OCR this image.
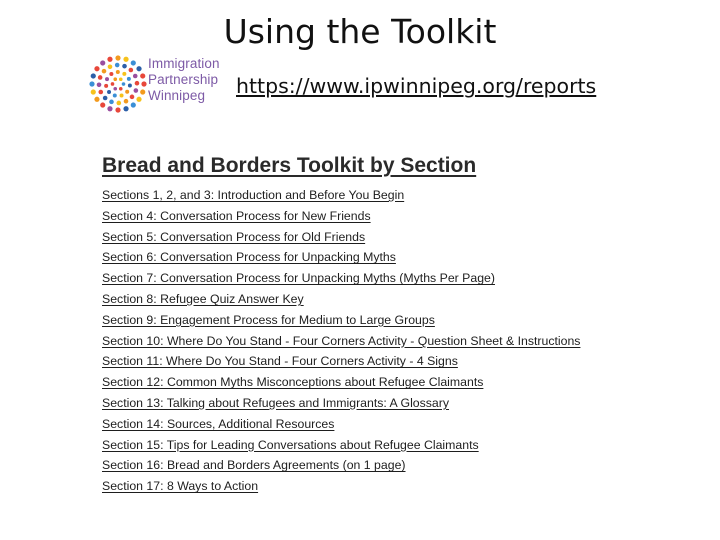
Using the Toolkit
Immigration
Partnership
Winnipeg	https://www.ipwinnipeg.org/reports
Bread and Borders Toolkit by Section
Sections 1, 2, and 3: Introduction and Before You Begin
Section 4: Conversation Process for New Friends
Section 5: Conversation Process for Old Friends
Section 6: Conversation Process for Unpacking Myths
Section 7: Conversation Process for Unpacking Myths (Myths Per Page)
Section 8: Refugee Quiz Answer Key
Section 9: Engagement Process for Medium to Large Groups
Section 10: Where Do You Stand - Four Corners Activity - Question Sheet & Instructions
Section 11: Where Do You Stand - Four Corners Activity - 4 Signs
Section 12: Common Myths Misconceptions about Refugee Claimants
Section 13: Talking about Refugees and Immigrants: A Glossary
Section 14: Sources, Additional Resources
Section 15: Tips for Leading Conversations about Refugee Claimants
Section 16: Bread and Borders Agreements (on 1 page)
Section 17: 8 Ways to Action
